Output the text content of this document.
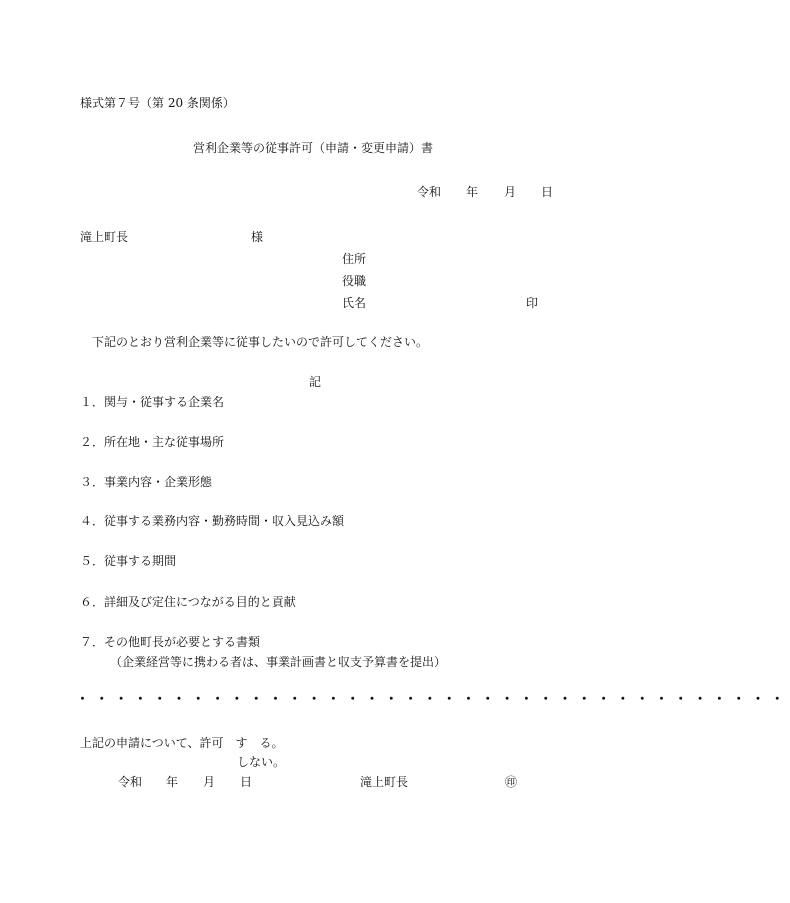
様式第７号（第 20 条関係）
営利企業等の従事許可（申請・変更申請）書
令和 年 月 日
滝上町長	様
住所
役職
氏名	印
下記のとおり営利企業等に従事したいので許可してください。
記
１．関与・従事する企業名
２．所在地・主な従事場所
３．事業内容・企業形態
４．従事する業務内容・勤務時間・収入見込み額
５．従事する期間
６．詳細及び定住につながる目的と貢献
７．その他町長が必要とする書類
（企業経営等に携わる者は、事業計画書と収支予算書を提出）
・・・・・・・・・・・・・・・・・・・・・・・・・・・・・・・・・・・・・
上記の申請について、許可　す　る。
しない。
令和 年 月 日	滝上町長	㊞
